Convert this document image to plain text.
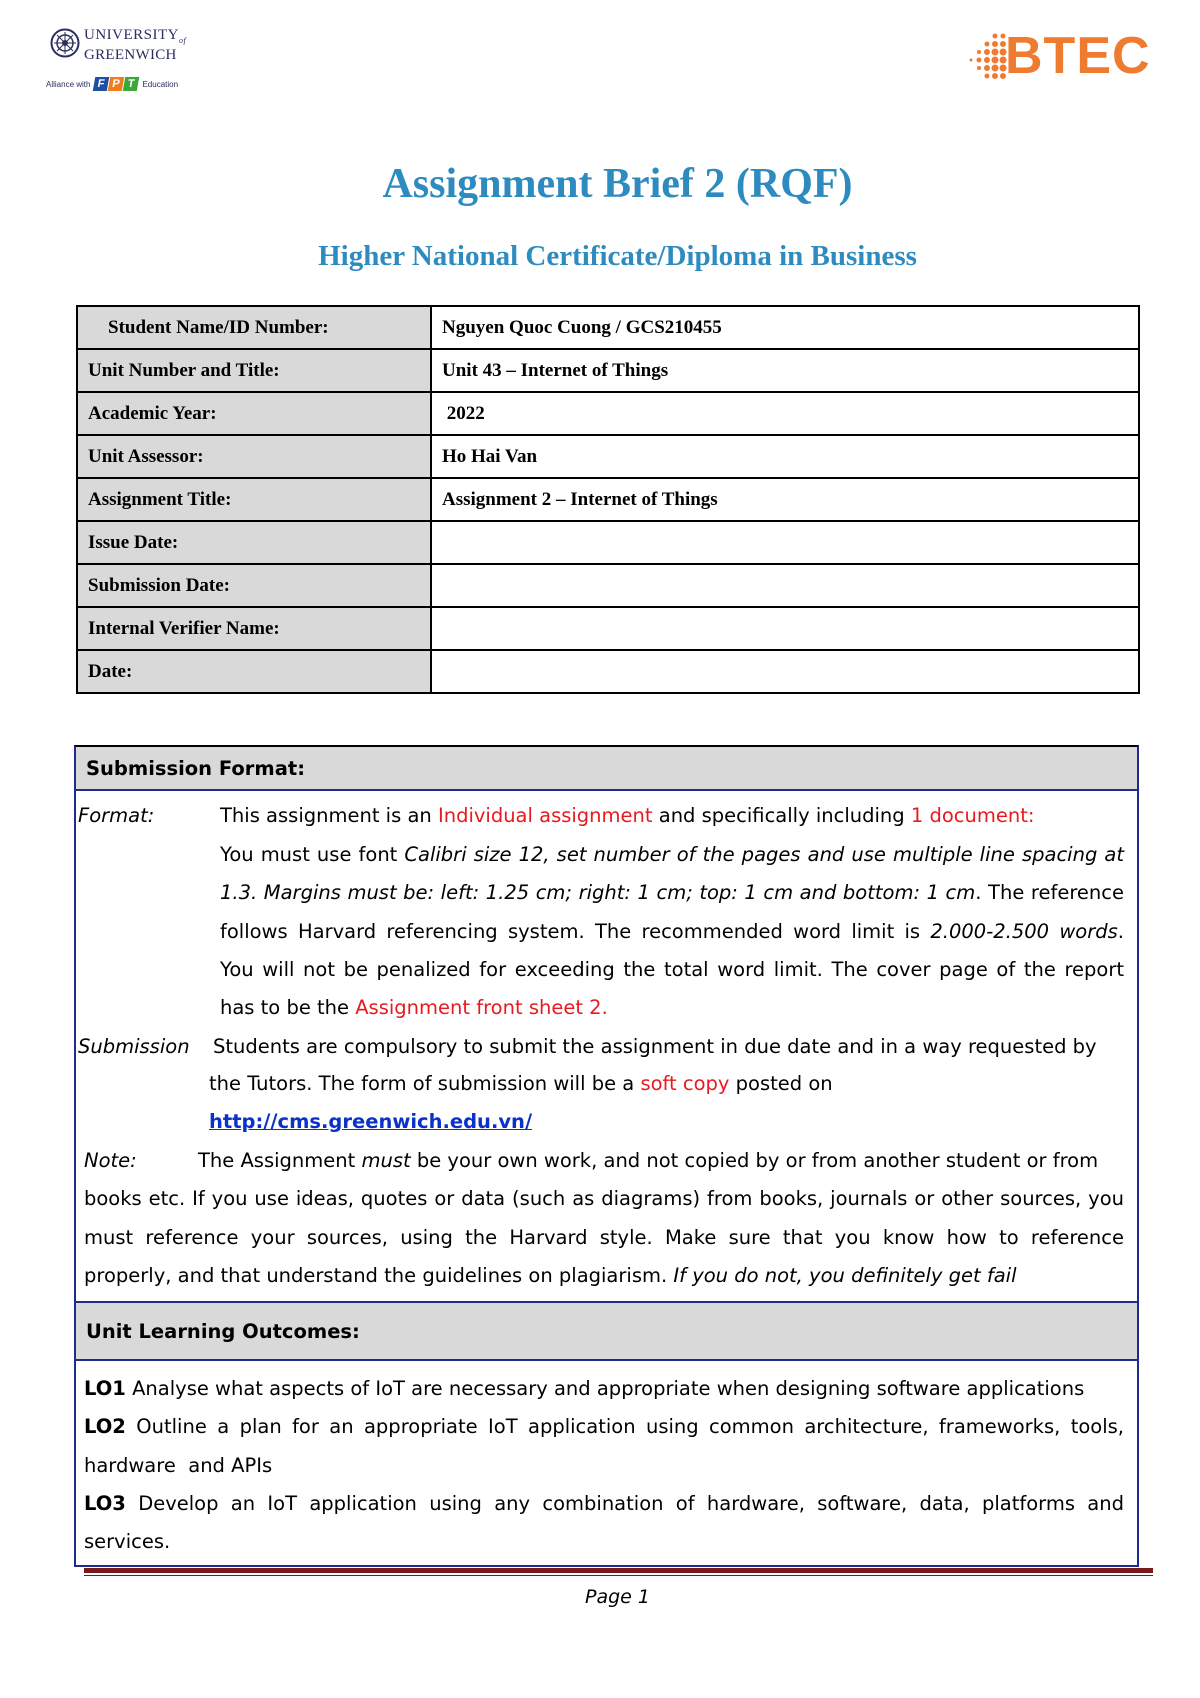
$UNIVERSITY_{of}$
GREENWICH
Alliance with F P T Education	BTEC
Assignment Brief 2 (RQF)
Higher National Certificate/Diploma in Business
Student Name/ID Number:	Nguyen Quoc Cuong / GCS210455
Unit Number and Title:	Unit 43 – Internet of Things
Academic Year:	2022
Unit Assessor:	Ho Hai Van
Assignment Title:	Assignment 2 – Internet of Things
Issue Date:	
Submission Date:	
Internal Verifier Name:	
Date:	
Submission Format:
Format:	This assignment is an Individual assignment and specifically including 1 document:
You must use font Calibri size 12, set number of the pages and use multiple line spacing at
1.3. Margins must be: left: 1.25 cm; right: 1 cm; top: 1 cm and bottom: 1 cm. The reference
follows Harvard referencing system. The recommended word limit is 2.000-2.500 words.
You will not be penalized for exceeding the total word limit. The cover page of the report
has to be the Assignment front sheet 2.
Submission Students are compulsory to submit the assignment in due date and in a way requested by
the Tutors. The form of submission will be a soft copy posted on
http://cms.greenwich.edu.vn/
Note:	The Assignment must be your own work, and not copied by or from another student or from
books etc. If you use ideas, quotes or data (such as diagrams) from books, journals or other sources, you
must reference your sources, using the Harvard style. Make sure that you know how to reference
properly, and that understand the guidelines on plagiarism. If you do not, you definitely get fail
Unit Learning Outcomes:
LO1 Analyse what aspects of IoT are necessary and appropriate when designing software applications
LO2 Outline a plan for an appropriate IoT application using common architecture, frameworks, tools,
hardware  and APIs
LO3 Develop an IoT application using any combination of hardware, software, data, platforms and
services.
Page 1
